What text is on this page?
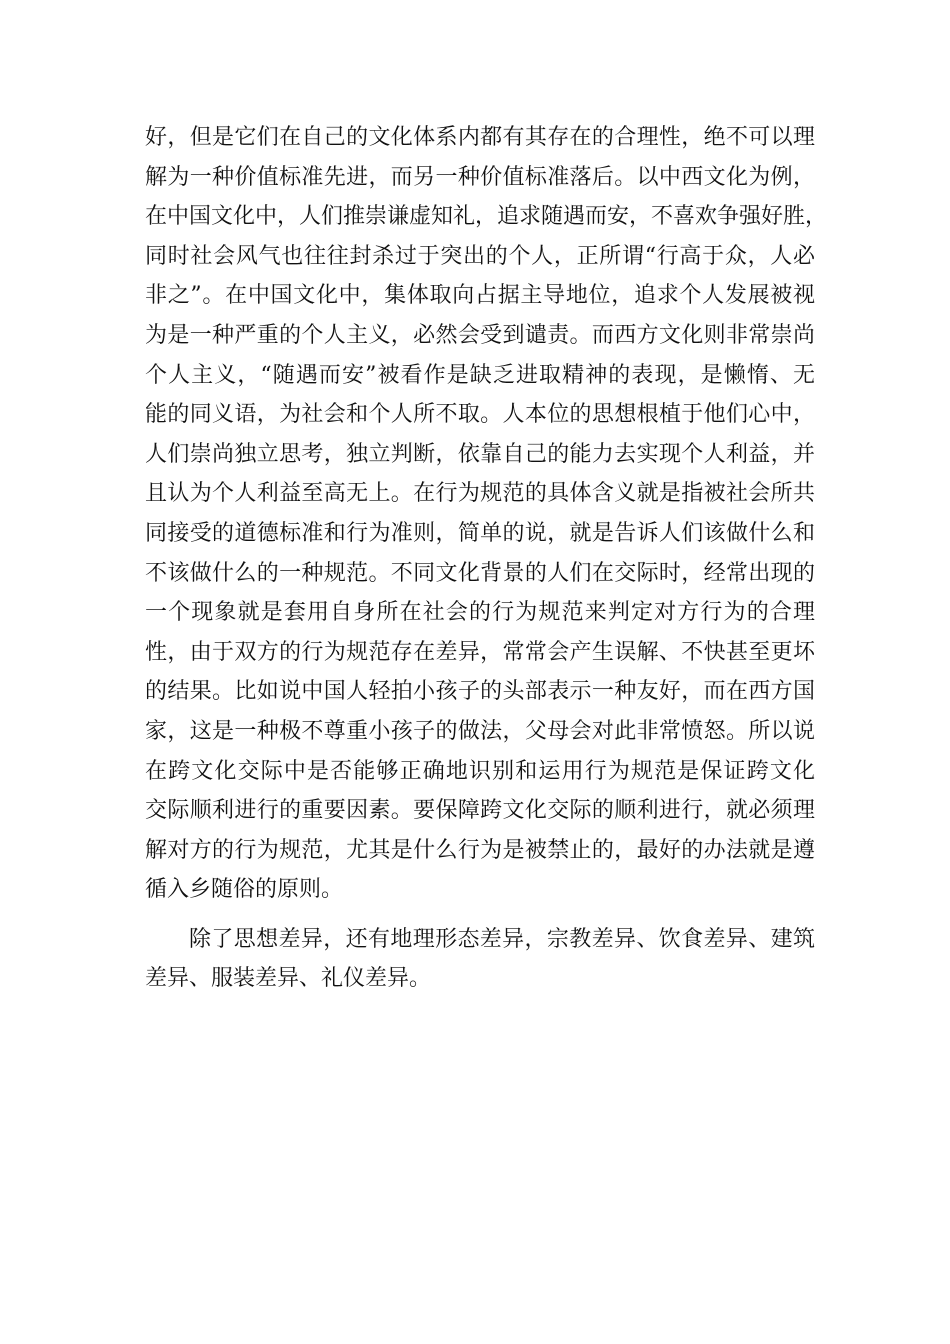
好，但是它们在自己的文化体系内都有其存在的合理性，绝不可以理
解为一种价值标准先进，而另一种价值标准落后。以中西文化为例，
在中国文化中，人们推崇谦虚知礼，追求随遇而安，不喜欢争强好胜，
同时社会风气也往往封杀过于突出的个人，正所谓“行高于众，人必
非之”。在中国文化中，集体取向占据主导地位，追求个人发展被视
为是一种严重的个人主义，必然会受到谴责。而西方文化则非常崇尚
个人主义，“随遇而安”被看作是缺乏进取精神的表现，是懒惰、无
能的同义语，为社会和个人所不取。人本位的思想根植于他们心中，
人们崇尚独立思考，独立判断，依靠自己的能力去实现个人利益，并
且认为个人利益至高无上。在行为规范的具体含义就是指被社会所共
同接受的道德标准和行为准则，简单的说，就是告诉人们该做什么和
不该做什么的一种规范。不同文化背景的人们在交际时，经常出现的
一个现象就是套用自身所在社会的行为规范来判定对方行为的合理
性，由于双方的行为规范存在差异，常常会产生误解、不快甚至更坏
的结果。比如说中国人轻拍小孩子的头部表示一种友好，而在西方国
家，这是一种极不尊重小孩子的做法，父母会对此非常愤怒。所以说
在跨文化交际中是否能够正确地识别和运用行为规范是保证跨文化
交际顺利进行的重要因素。要保障跨文化交际的顺利进行，就必须理
解对方的行为规范，尤其是什么行为是被禁止的，最好的办法就是遵
循入乡随俗的原则。
除了思想差异，还有地理形态差异，宗教差异、饮食差异、建筑
差异、服装差异、礼仪差异。
